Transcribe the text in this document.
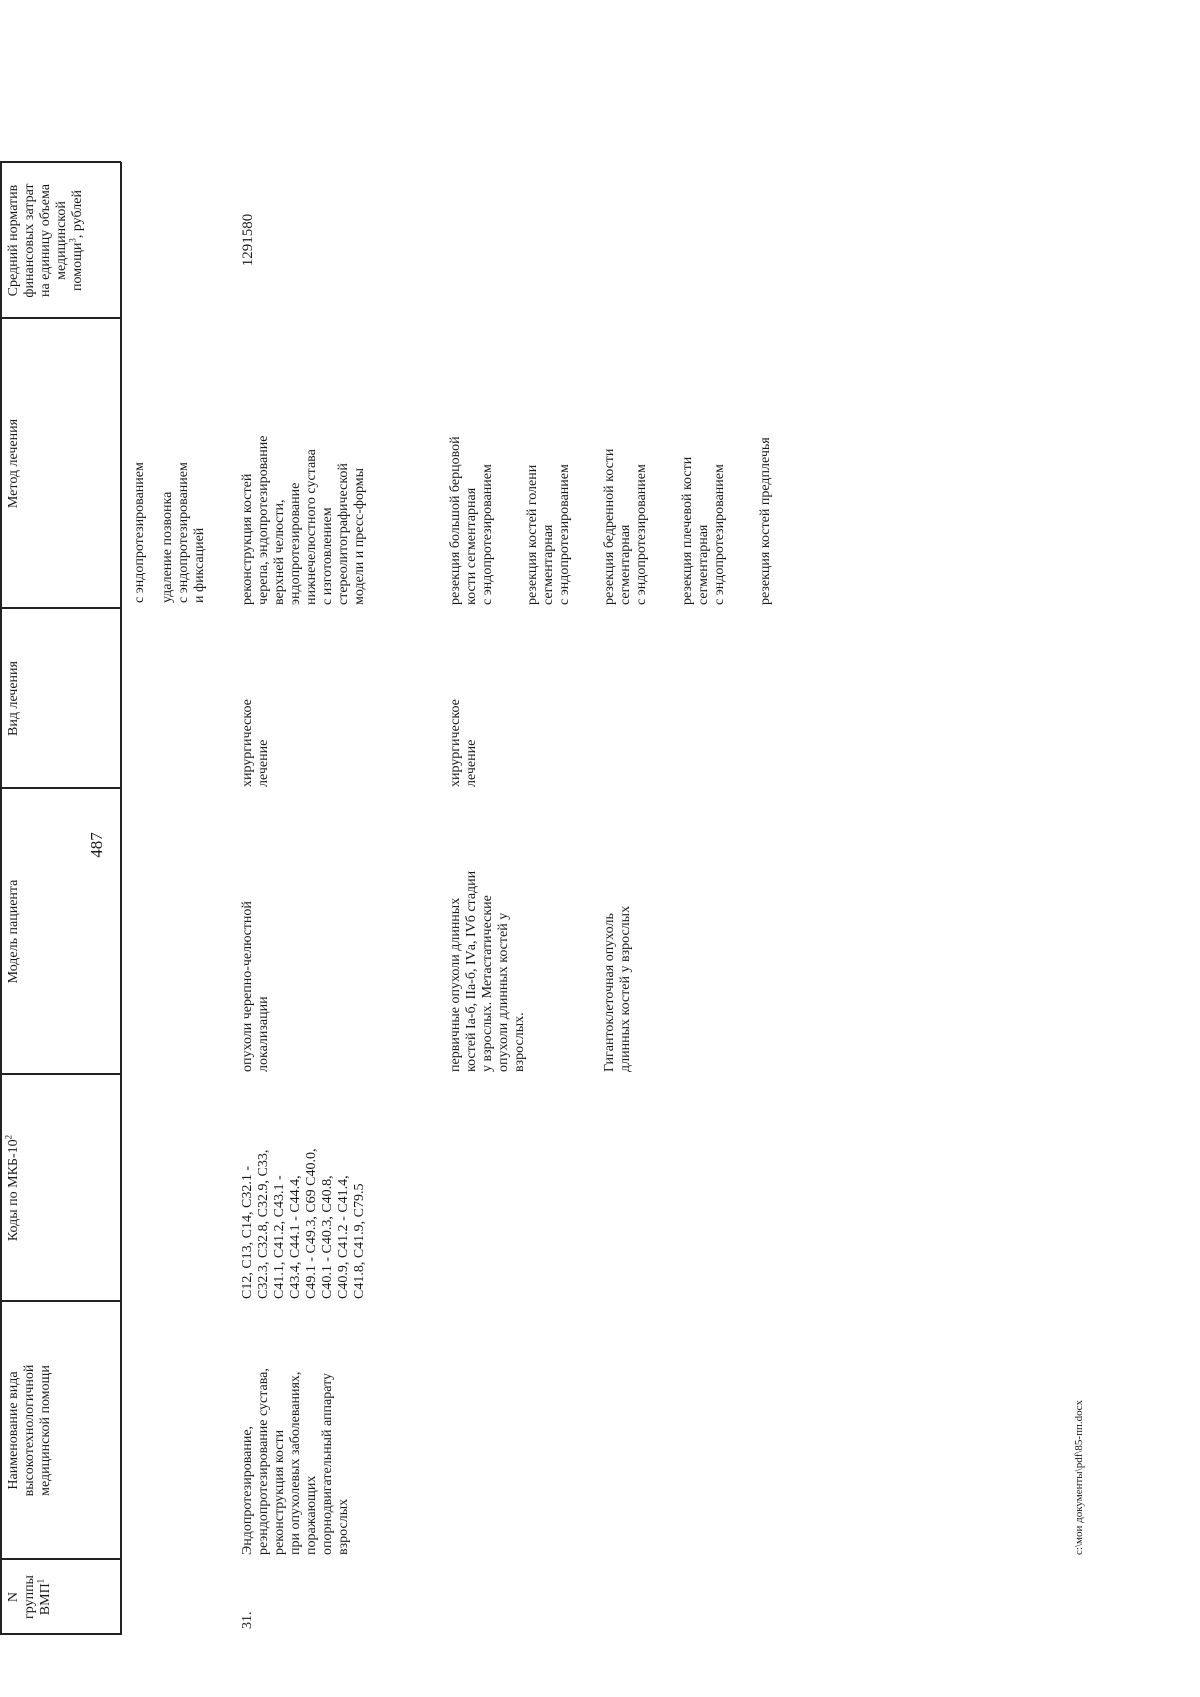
487
N
группы
ВМП$^1$
Наименование вида
высокотехнологичной
медицинской помощи
Коды по МКБ-$10^2$
Модель пациента
Вид лечения
Метод лечения
Средний норматив
финансовых затрат
на единицу объема
медицинской
помощи$^3$, рублей
с эндопротезированием удаление позвонка
с эндопротезированием
и фиксацией
31.
Эндопротезирование,
реэндопротезирование сустава,
реконструкция кости
при опухолевых заболеваниях,
поражающих
опорнодвигательный аппарату
взрослых
C12, C13, C14, C32.1 -
C32.3, C32.8, C32.9, C33,
C41.1, C41.2, C43.1 -
C43.4, C44.1 - C44.4,
C49.1 - C49.3, C69 C40.0,
C40.1 - C40.3, C40.8,
C40.9, C41.2 - C41.4,
C41.8, C41.9, C79.5
1291580
опухоли черепно-челюстной
локализации
хирургическое
лечение
реконструкция костей
черепа, эндопротезирование
верхней челюсти,
эндопротезирование
нижнечелюстного сустава
с изготовлением
стереолитографической
модели и пресс-формы
первичные опухоли длинных
костей Iа-б, IIа-б, IVа, IVб стадии
у взрослых. Метастатические
опухоли длинных костей у
взрослых.	Гигантоклеточная опухоль
длинных костей у взрослых
хирургическое
лечение
резекция большой берцовой
кости сегментарная
с эндопротезированием резекция костей голени
сегментарная
с эндопротезированием резекция бедренной кости
сегментарная
с эндопротезированием резекция плечевой кости
сегментарная
с эндопротезированием резекция костей предплечья
c:\мои документы\pdf\85-пп.docx
